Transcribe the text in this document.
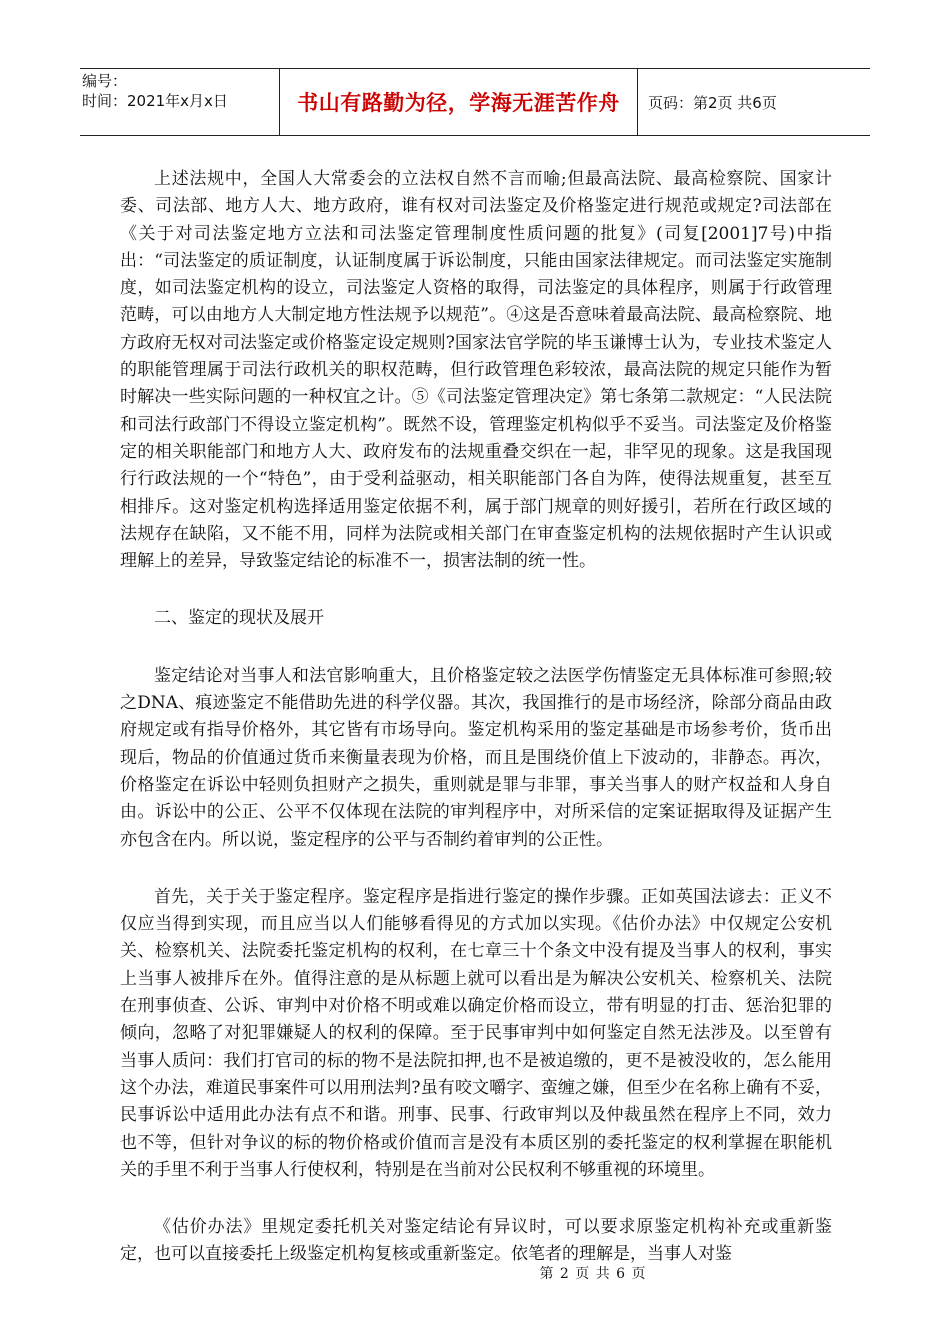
编号：
时间：2021年x月x日	书山有路勤为径，学海无涯苦作舟	页码：第2页 共6页

上述法规中，全国人大常委会的立法权自然不言而喻;但最高法院、最高检察院、国家计委、司法部、地方人大、地方政府，谁有权对司法鉴定及价格鉴定进行规范或规定?司法部在《关于对司法鉴定地方立法和司法鉴定管理制度性质问题的批复》(司复[2001]7号)中指出：“司法鉴定的质证制度，认证制度属于诉讼制度，只能由国家法律规定。而司法鉴定实施制度，如司法鉴定机构的设立，司法鉴定人资格的取得，司法鉴定的具体程序，则属于行政管理范畴，可以由地方人大制定地方性法规予以规范”。④这是否意味着最高法院、最高检察院、地方政府无权对司法鉴定或价格鉴定设定规则?国家法官学院的毕玉谦博士认为，专业技术鉴定人的职能管理属于司法行政机关的职权范畴，但行政管理色彩较浓，最高法院的规定只能作为暂时解决一些实际问题的一种权宜之计。⑤《司法鉴定管理决定》第七条第二款规定：“人民法院和司法行政部门不得设立鉴定机构”。既然不设，管理鉴定机构似乎不妥当。司法鉴定及价格鉴定的相关职能部门和地方人大、政府发布的法规重叠交织在一起，非罕见的现象。这是我国现行行政法规的一个“特色”，由于受利益驱动，相关职能部门各自为阵，使得法规重复，甚至互相排斥。这对鉴定机构选择适用鉴定依据不利，属于部门规章的则好援引，若所在行政区域的法规存在缺陷，又不能不用，同样为法院或相关部门在审查鉴定机构的法规依据时产生认识或理解上的差异，导致鉴定结论的标准不一，损害法制的统一性。

二、鉴定的现状及展开

鉴定结论对当事人和法官影响重大，且价格鉴定较之法医学伤情鉴定无具体标准可参照;较之DNA、痕迹鉴定不能借助先进的科学仪器。其次，我国推行的是市场经济，除部分商品由政府规定或有指导价格外，其它皆有市场导向。鉴定机构采用的鉴定基础是市场参考价，货币出现后，物品的价值通过货币来衡量表现为价格，而且是围绕价值上下波动的，非静态。再次，价格鉴定在诉讼中轻则负担财产之损失，重则就是罪与非罪，事关当事人的财产权益和人身自由。诉讼中的公正、公平不仅体现在法院的审判程序中，对所采信的定案证据取得及证据产生亦包含在内。所以说，鉴定程序的公平与否制约着审判的公正性。

首先，关于关于鉴定程序。鉴定程序是指进行鉴定的操作步骤。正如英国法谚去：正义不仅应当得到实现，而且应当以人们能够看得见的方式加以实现。《估价办法》中仅规定公安机关、检察机关、法院委托鉴定机构的权利，在七章三十个条文中没有提及当事人的权利，事实上当事人被排斥在外。值得注意的是从标题上就可以看出是为解决公安机关、检察机关、法院在刑事侦查、公诉、审判中对价格不明或难以确定价格而设立，带有明显的打击、惩治犯罪的倾向，忽略了对犯罪嫌疑人的权利的保障。至于民事审判中如何鉴定自然无法涉及。以至曾有当事人质问：我们打官司的标的物不是法院扣押,也不是被追缴的，更不是被没收的，怎么能用这个办法，难道民事案件可以用刑法判?虽有咬文嚼字、蛮缠之嫌，但至少在名称上确有不妥，民事诉讼中适用此办法有点不和谐。刑事、民事、行政审判以及仲裁虽然在程序上不同，效力也不等，但针对争议的标的物价格或价值而言是没有本质区别的委托鉴定的权利掌握在职能机关的手里不利于当事人行使权利，特别是在当前对公民权利不够重视的环境里。

《估价办法》里规定委托机关对鉴定结论有异议时，可以要求原鉴定机构补充或重新鉴定，也可以直接委托上级鉴定机构复核或重新鉴定。依笔者的理解是，当事人对鉴

第 2 页 共 6 页
